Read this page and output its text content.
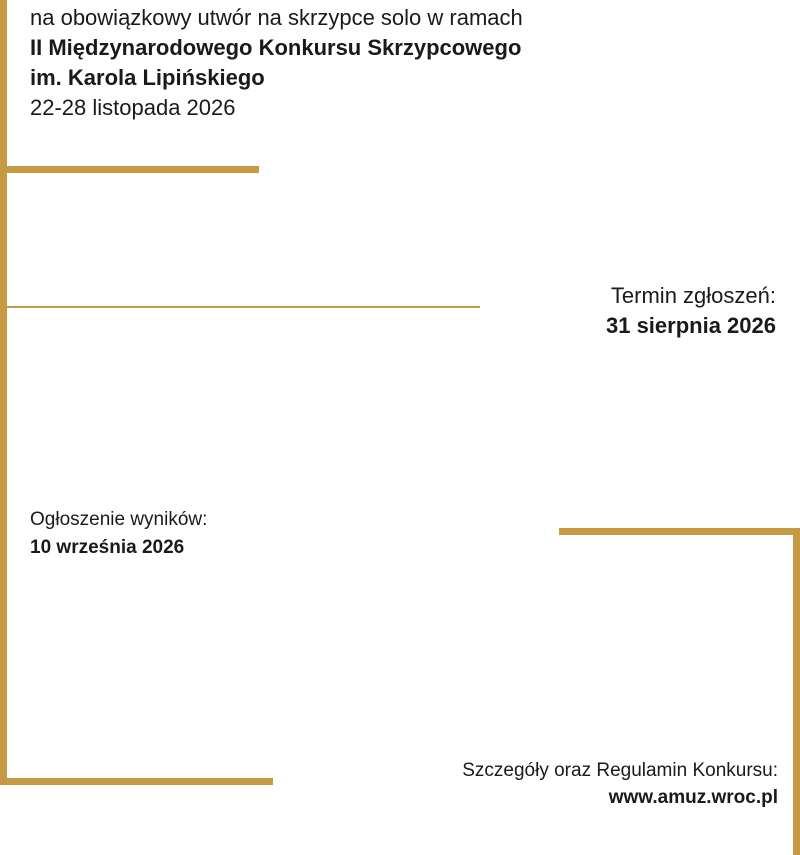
na obowiązkowy utwór na skrzypce solo w ramach
II Międzynarodowego Konkursu Skrzypcowego
im. Karola Lipińskiego
22-28 listopada 2026
Termin zgłoszeń:
31 sierpnia 2026
Ogłoszenie wyników:
10 września 2026
Szczegóły oraz Regulamin Konkursu:
www.amuz.wroc.pl
